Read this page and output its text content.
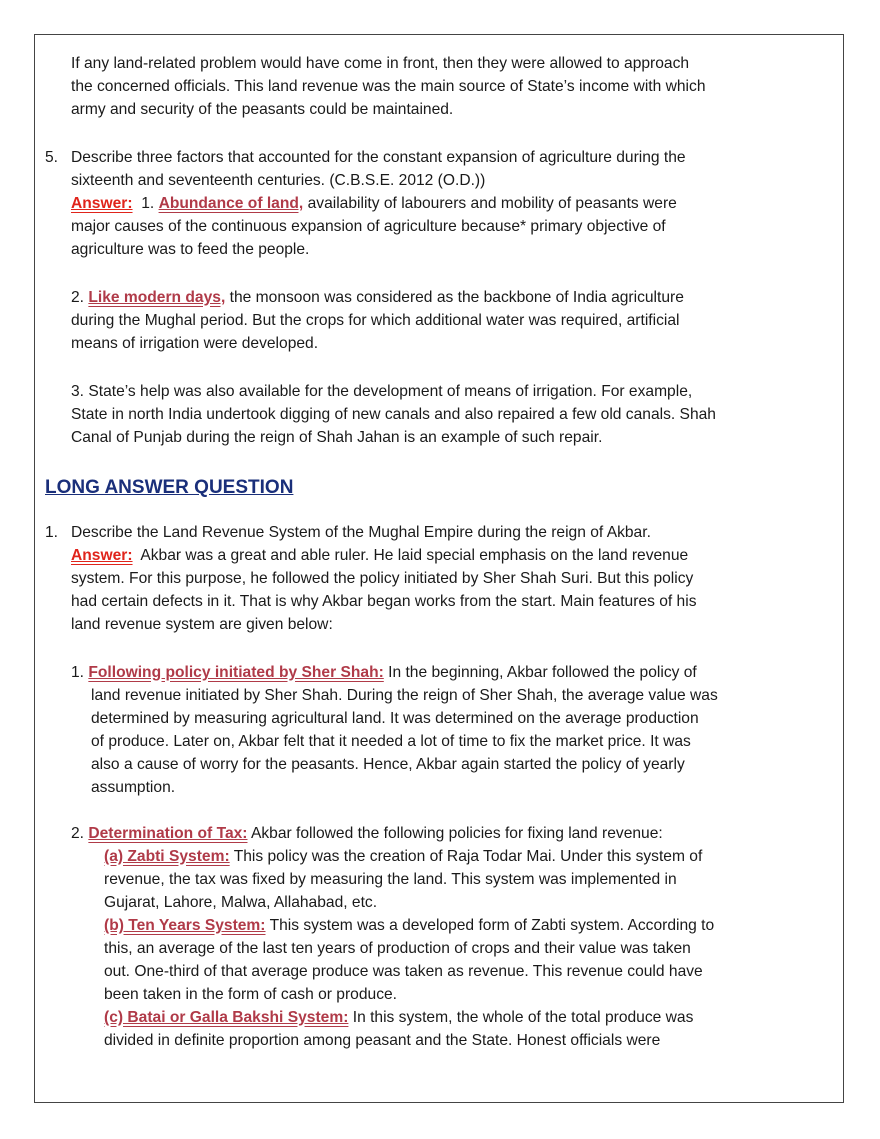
If any land-related problem would have come in front, then they were allowed to approach

the concerned officials. This land revenue was the main source of State’s income with which

army and security of the peasants could be maintained.

5. Describe three factors that accounted for the constant expansion of agriculture during the

sixteenth and seventeenth centuries. (C.B.S.E. 2012 (O.D.))

Answer: 1. Abundance of land, availability of labourers and mobility of peasants were

major causes of the continuous expansion of agriculture because* primary objective of

agriculture was to feed the people.

2. Like modern days, the monsoon was considered as the backbone of India agriculture

during the Mughal period. But the crops for which additional water was required, artificial

means of irrigation were developed.

3. State’s help was also available for the development of means of irrigation. For example,

State in north India undertook digging of new canals and also repaired a few old canals. Shah

Canal of Punjab during the reign of Shah Jahan is an example of such repair.

LONG ANSWER QUESTION

1. Describe the Land Revenue System of the Mughal Empire during the reign of Akbar.

Answer: Akbar was a great and able ruler. He laid special emphasis on the land revenue

system. For this purpose, he followed the policy initiated by Sher Shah Suri. But this policy

had certain defects in it. That is why Akbar began works from the start. Main features of his

land revenue system are given below:

1. Following policy initiated by Sher Shah: In the beginning, Akbar followed the policy of

land revenue initiated by Sher Shah. During the reign of Sher Shah, the average value was

determined by measuring agricultural land. It was determined on the average production

of produce. Later on, Akbar felt that it needed a lot of time to fix the market price. It was

also a cause of worry for the peasants. Hence, Akbar again started the policy of yearly

assumption.

2. Determination of Tax: Akbar followed the following policies for fixing land revenue:

(a) Zabti System: This policy was the creation of Raja Todar Mai. Under this system of

revenue, the tax was fixed by measuring the land. This system was implemented in

Gujarat, Lahore, Malwa, Allahabad, etc.

(b) Ten Years System: This system was a developed form of Zabti system. According to

this, an average of the last ten years of production of crops and their value was taken

out. One-third of that average produce was taken as revenue. This revenue could have

been taken in the form of cash or produce.

(c) Batai or Galla Bakshi System: In this system, the whole of the total produce was

divided in definite proportion among peasant and the State. Honest officials were
